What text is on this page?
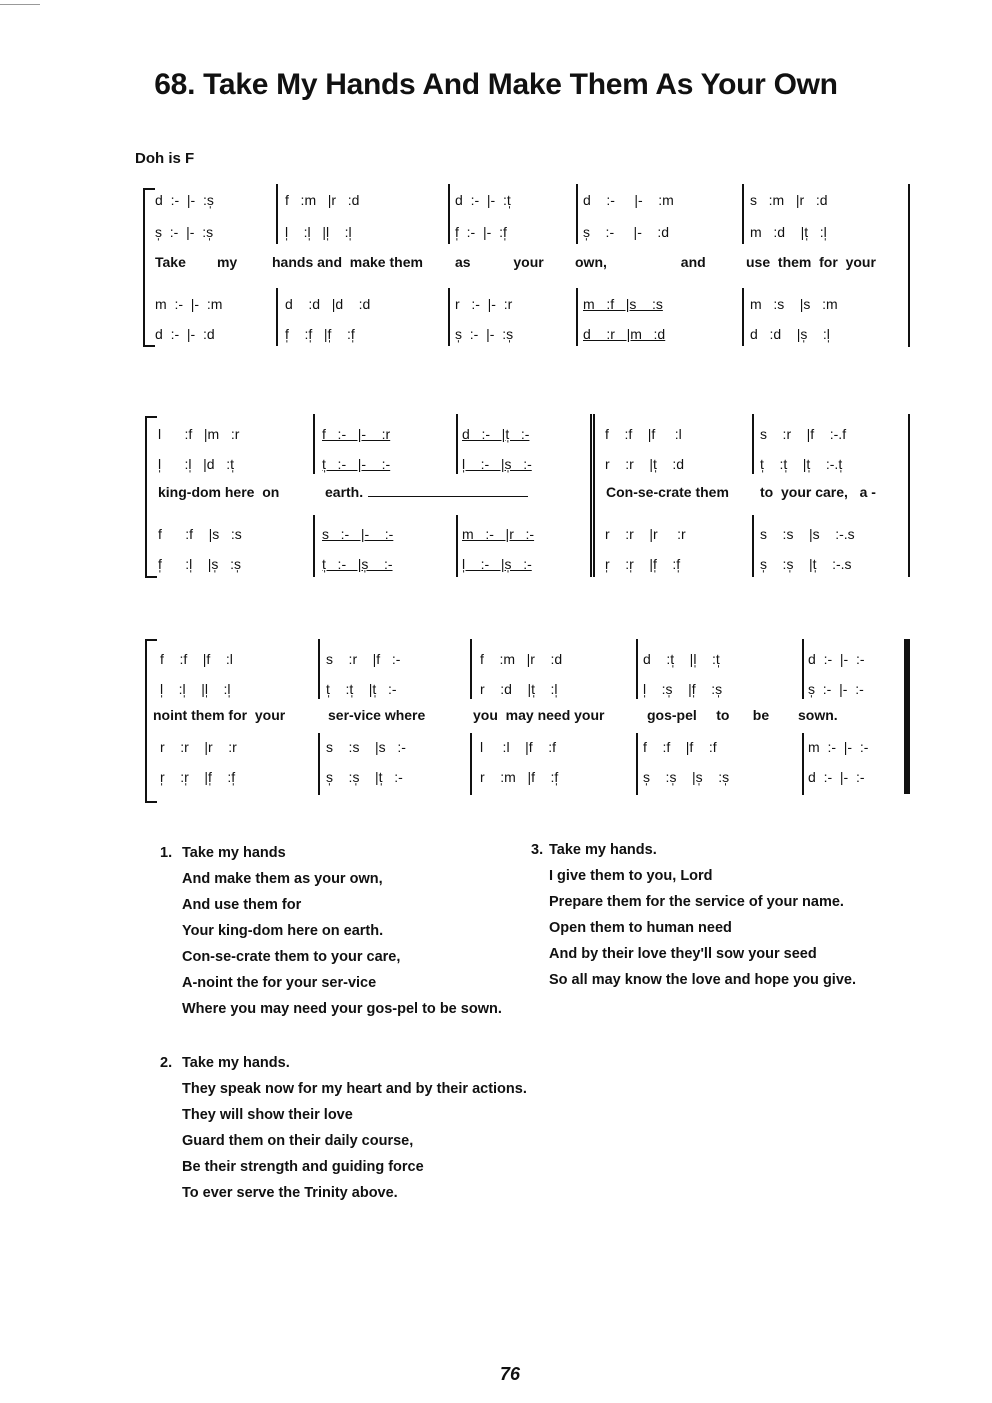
68. Take My Hands And Make Them As Your Own
Doh is F
d  :-  |-  :s̩	f   :m   |r   :d	d  :-  |-  :t̩	d    :-     |-    :m	s   :m   |r   :d
s̩  :-  |-  :s̩	l̩    :l̩   |l̩    :l̩	f̩  :-  |-  :f̩	s̩    :-     |-    :d	m   :d    |t̩   :l̩
Take        my hands and  make them as           your own,                   and	use  them  for  your
m  :-  |-  :m	d    :d   |d    :d	r   :-  |-  :r	m   :f   |s    :s	m   :s    |s   :m
d  :-  |-  :d	f̩    :f̩   |f̩    :f̩	s̩  :-  |-  :s̩	d    :r   |m   :d	d   :d    |s̩    :l̩
l      :f   |m   :r	f   :-   |-    :r	d   :-   |t̩   :-	f    :f    |f     :l	s    :r    |f    :-.f
l̩      :l̩   |d   :t̩	t̩   :-   |-    :-	l̩    :-   |s̩   :-	r    :r    |t̩    :d	t̩    :t̩    |t̩    :-.t̩
king-dom here  on	earth.	Con-se-crate them to  your care,   a -
f      :f    |s   :s	s   :-   |-    :-	m   :-   |r   :-	r    :r    |r     :r	s    :s    |s    :-.s
f̩      :l̩    |s̩   :s̩	t̩   :-   |s̩    :-	l̩    :-   |s̩   :-	r̩    :r̩    |f̩    :f̩	s̩    :s̩    |t̩    :-.s
f    :f    |f    :l	s    :r    |f   :-	f    :m   |r    :d	d    :t̩    |l̩    :t̩	d  :-  |-  :-
l̩    :l̩    |l̩    :l̩	t̩    :t̩    |t̩   :-	r    :d    |t̩    :l̩	l̩    :s̩    |f̩    :s̩	s̩  :-  |-  :-
noint them for  your	ser-vice where	you  may need your	gos-pel     to      be sown.
r    :r    |r    :r	s    :s    |s   :-	l     :l    |f    :f	f    :f    |f    :f	m  :-  |-  :-
r̩    :r̩    |f̩    :f̩	s̩    :s̩    |t̩   :-	r    :m   |f    :f̩	s̩    :s̩    |s̩    :s̩	d  :-  |-  :-
1. Take my hands
And make them as your own,
And use them for
Your king-dom here on earth.
Con-se-crate them to your care,
A-noint the for your ser-vice
Where you may need your gos-pel to be sown.
2. Take my hands.
They speak now for my heart and by their actions.
They will show their love
Guard them on their daily course,
Be their strength and guiding force
To ever serve the Trinity above.
3. Take my hands.
I give them to you, Lord
Prepare them for the service of your name.
Open them to human need
And by their love they'll sow your seed
So all may know the love and hope you give.
76
